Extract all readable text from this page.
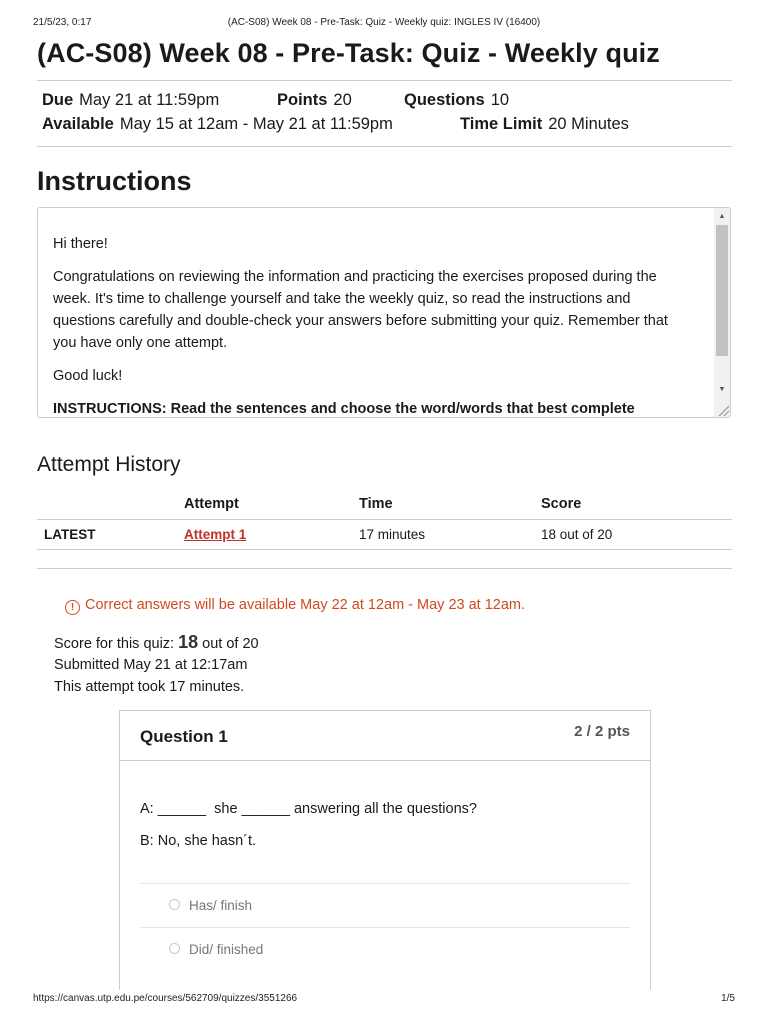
21/5/23, 0:17	(AC-S08) Week 08 - Pre-Task: Quiz - Weekly quiz: INGLES IV (16400)
(AC-S08) Week 08 - Pre-Task: Quiz - Weekly quiz
Due May 21 at 11:59pm	Points 20	Questions 10
Available May 15 at 12am - May 21 at 11:59pm	Time Limit 20 Minutes
Instructions

Hi there!

Congratulations on reviewing the information and practicing the exercises proposed during the week. It's time to challenge yourself and take the weekly quiz, so read the instructions and questions carefully and double-check your answers before submitting your quiz. Remember that you have only one attempt.

Good luck!

INSTRUCTIONS: Read the sentences and choose the word/words that best complete

▲
▼
Attempt History
	Attempt	Time	Score
LATEST	Attempt 1	17 minutes	18 out of 20
! Correct answers will be available May 22 at 12am - May 23 at 12am.
Score for this quiz: 18 out of 20
Submitted May 21 at 12:17am
This attempt took 17 minutes.
Question 1	2 / 2 pts

A: ______  she ______ answering all the questions?

B: No, she hasn´t.

Has/ finish
Did/ finished
https://canvas.utp.edu.pe/courses/562709/quizzes/3551266	1/5
